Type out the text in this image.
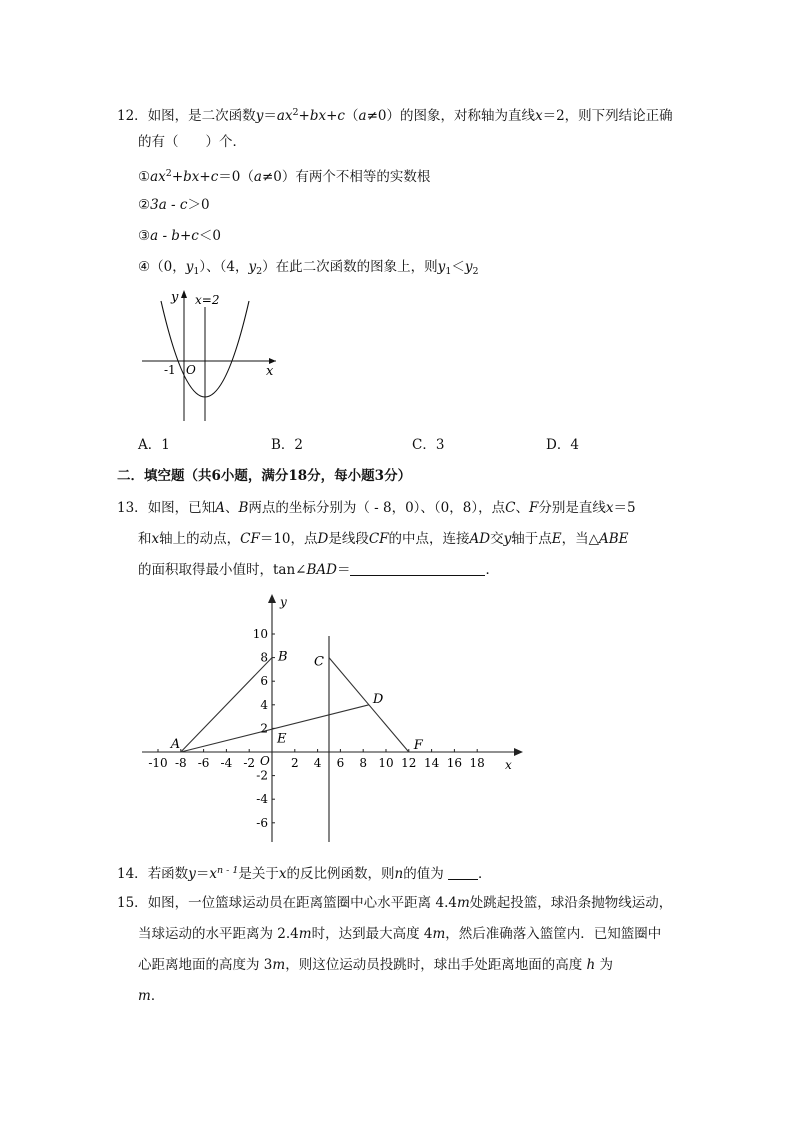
12．如图，是二次函数$y=ax^2+bx+c(a\ne 0)$的图象，对称轴为直线x＝2，则下列结论正确
的有（　　）个．
$①ax^2+bx+c=0(a\ne 0)$有两个不相等的实数根
②3a - c＞0
③a - b+c＜0
④（0，$y_1$）、（4，$y_2$）在此二次函数的图象上，则$y_1<y_2$
y x=2
-1 O	x
A．1	B．2	C．3	D．4
二．填空题（共6小题，满分18分，每小题3分）
13．如图，已知A、B两点的坐标分别为（ - 8，0）、（0，8），点C、F分别是直线x＝5
和x轴上的动点，CF＝10，点D是线段CF的中点，连接AD交y轴于点E，当△ABE
的面积取得最小值时，tan∠BAD＝	．
-10 -8 -6 -4 -2	2 4 6 8 10 12 14 16 18
10
8
6
4
2
-2
-4
-6
A
B C
D
E	F
x
y
O
14．若函数$y=x^{n - 1}$是关于x的反比例函数，则n的值为	．
15．如图，一位篮球运动员在距离篮圈中心水平距离 4.4m处跳起投篮，球沿条抛物线运动，
当球运动的水平距离为 2.4m时，达到最大高度 4m，然后准确落入篮筐内．已知篮圈中
心距离地面的高度为 3m，则这位运动员投跳时，球出手处距离地面的高度 h 为
m．
